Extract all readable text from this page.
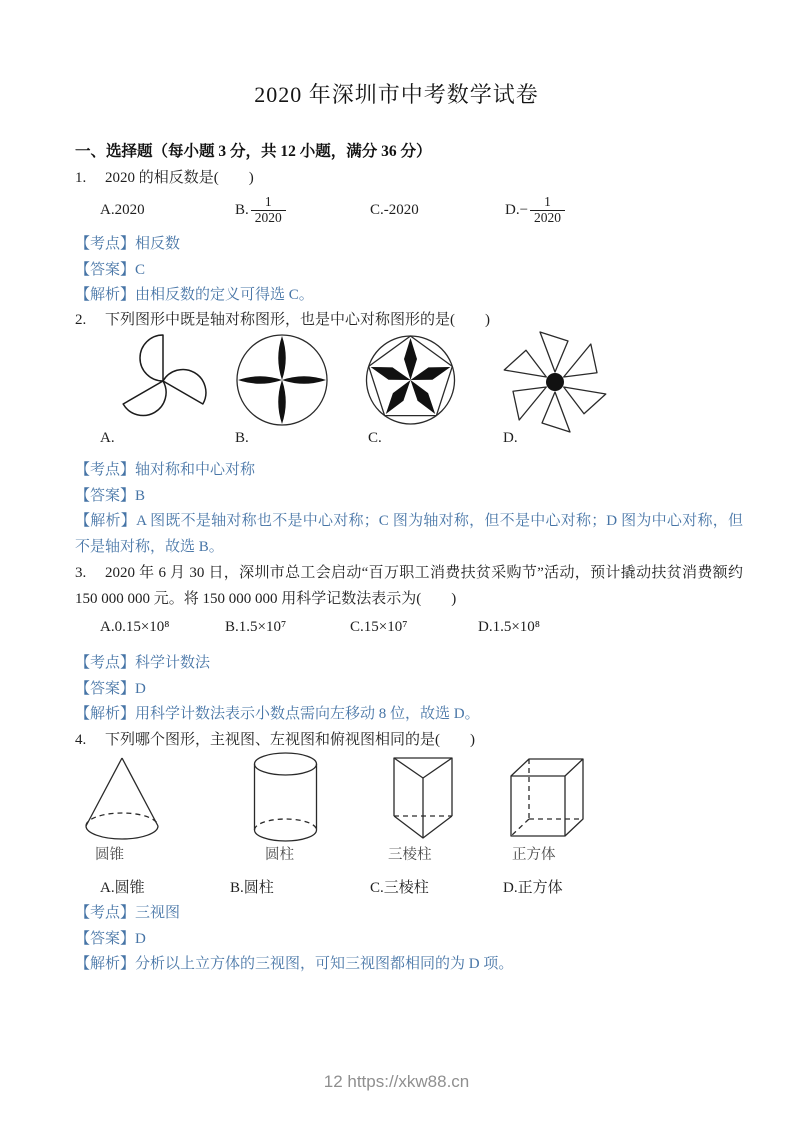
2020 年深圳市中考数学试卷
一、选择题（每小题 3 分，共 12 小题，满分 36 分）
1. 2020 的相反数是(        )
A.2020	B. $\frac{1}{2020}$	C.-2020	$D.- \frac{1}{2020}$
【考点】相反数
【答案】C
【解析】由相反数的定义可得选 C。
2. 下列图形中既是轴对称图形，也是中心对称图形的是(        )
A.	B.	C.	D.
【考点】轴对称和中心对称
【答案】B
【解析】A 图既不是轴对称也不是中心对称；C 图为轴对称，但不是中心对称；D 图为中心对称，但不是轴对称，故选 B。
3. 2020 年 6 月 30 日，深圳市总工会启动“百万职工消费扶贫采购节”活动，预计撬动扶贫消费额约 150 000 000 元。将 150 000 000 用科学记数法表示为(        )
A.0.15×10⁸	B.1.5×10⁷	C.15×10⁷	D.1.5×10⁸
【考点】科学计数法
【答案】D
【解析】用科学计数法表示小数点需向左移动 8 位，故选 D。
4. 下列哪个图形，主视图、左视图和俯视图相同的是(        )
圆锥	圆柱	三棱柱	正方体
A.圆锥	B.圆柱	C.三棱柱	D.正方体
【考点】三视图
【答案】D
【解析】分析以上立方体的三视图，可知三视图都相同的为 D 项。
12 https://xkw88.cn
